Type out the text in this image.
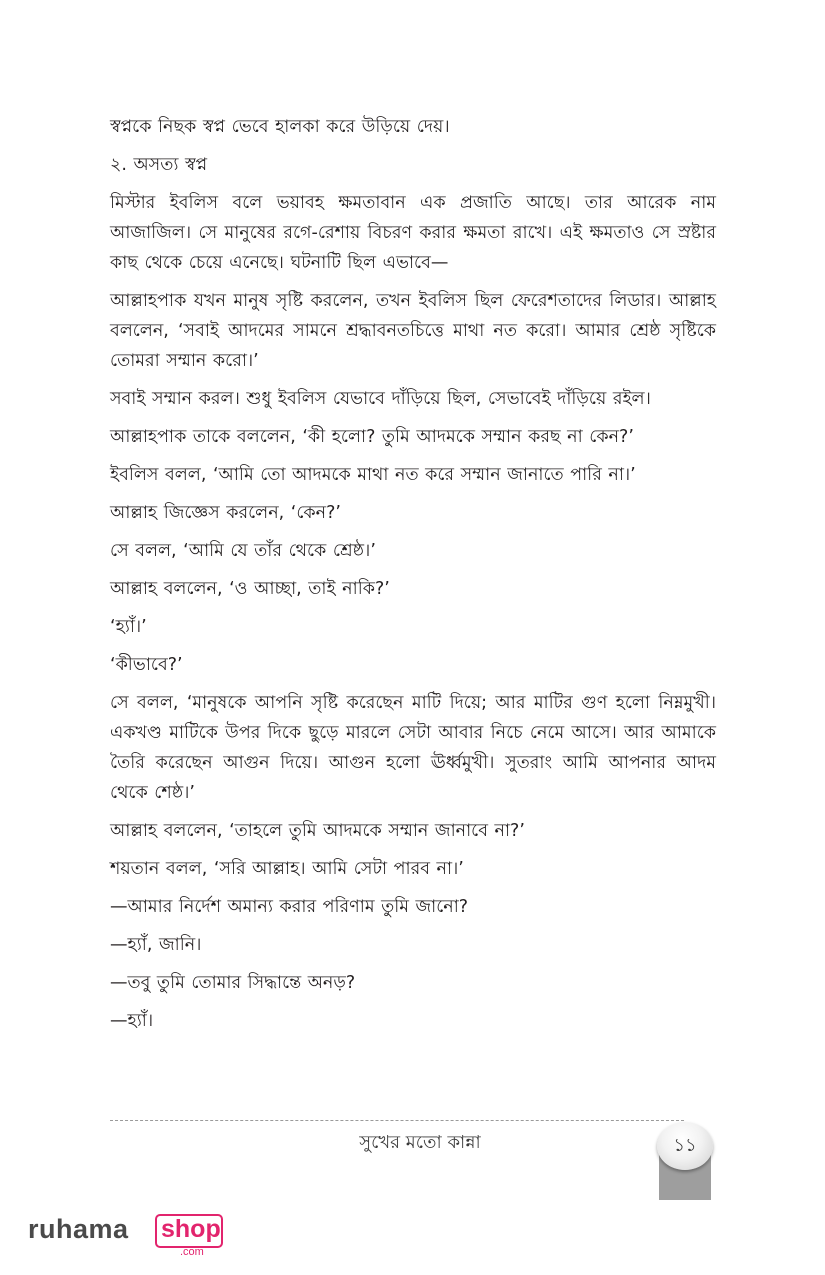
স্বপ্নকে নিছক স্বপ্ন ভেবে হালকা করে উড়িয়ে দেয়।

২. অসত্য স্বপ্ন

মিস্টার ইবলিস বলে ভয়াবহ ক্ষমতাবান এক প্রজাতি আছে। তার আরেক নাম আজাজিল। সে মানুষের রগে-রেশায় বিচরণ করার ক্ষমতা রাখে। এই ক্ষমতাও সে স্রষ্টার কাছ থেকে চেয়ে এনেছে। ঘটনাটি ছিল এভাবে—

আল্লাহপাক যখন মানুষ সৃষ্টি করলেন, তখন ইবলিস ছিল ফেরেশতাদের লিডার। আল্লাহ বললেন, ‘সবাই আদমের সামনে শ্রদ্ধাবনতচিত্তে মাথা নত করো। আমার শ্রেষ্ঠ সৃষ্টিকে তোমরা সম্মান করো।’

সবাই সম্মান করল। শুধু ইবলিস যেভাবে দাঁড়িয়ে ছিল, সেভাবেই দাঁড়িয়ে রইল।

আল্লাহপাক তাকে বললেন, ‘কী হলো? তুমি আদমকে সম্মান করছ না কেন?’

ইবলিস বলল, ‘আমি তো আদমকে মাথা নত করে সম্মান জানাতে পারি না।’

আল্লাহ জিজ্ঞেস করলেন, ‘কেন?’

সে বলল, ‘আমি যে তাঁর থেকে শ্রেষ্ঠ।’

আল্লাহ বললেন, ‘ও আচ্ছা, তাই নাকি?’

‘হ্যাঁ।’

‘কীভাবে?’

সে বলল, ‘মানুষকে আপনি সৃষ্টি করেছেন মাটি দিয়ে; আর মাটির গুণ হলো নিম্নমুখী। একখণ্ড মাটিকে উপর দিকে ছুড়ে মারলে সেটা আবার নিচে নেমে আসে। আর আমাকে তৈরি করেছেন আগুন দিয়ে। আগুন হলো ঊর্ধ্বমুখী। সুতরাং আমি আপনার আদম থেকে শেষ্ঠ।’

আল্লাহ বললেন, ‘তাহলে তুমি আদমকে সম্মান জানাবে না?’

শয়তান বলল, ‘সরি আল্লাহ। আমি সেটা পারব না।’

—আমার নির্দেশ অমান্য করার পরিণাম তুমি জানো?

—হ্যাঁ, জানি।

—তবু তুমি তোমার সিদ্ধান্তে অনড়?

—হ্যাঁ।

সুখের মতো কান্না	১১
ruhama shop
.com
